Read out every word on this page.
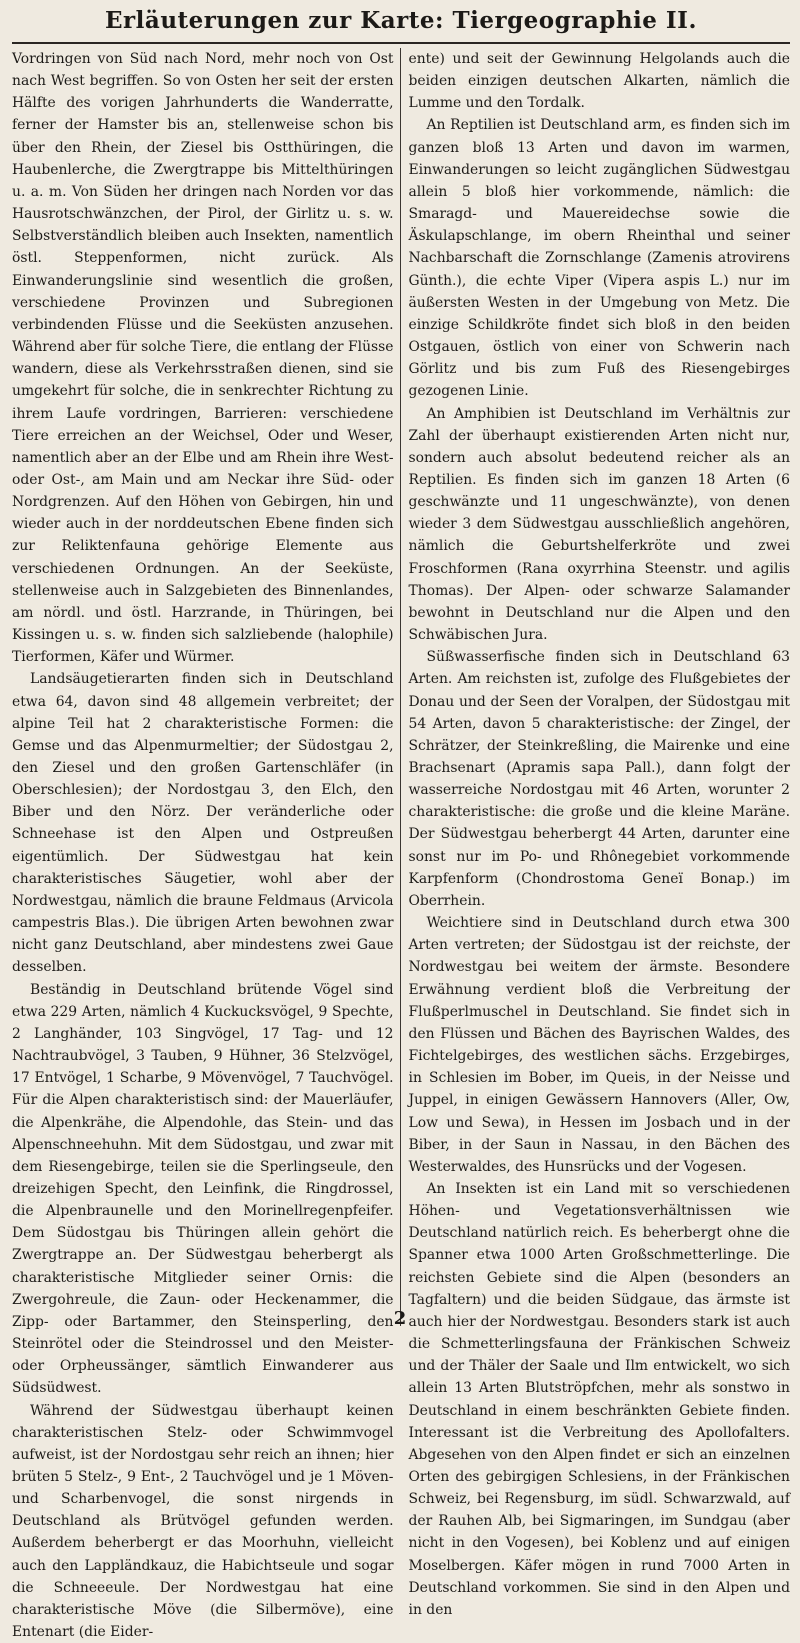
Erläuterungen zur Karte: Tiergeographie II.

Vordringen von Süd nach Nord, mehr noch von Ost nach West begriffen. So von Osten her seit der ersten Hälfte des vorigen Jahrhunderts die Wanderratte, ferner der Hamster bis an, stellenweise schon bis über den Rhein, der Ziesel bis Ostthüringen, die Haubenlerche, die Zwergtrappe bis Mittelthüringen u. a. m. Von Süden her dringen nach Norden vor das Hausrotschwänzchen, der Pirol, der Girlitz u. s. w. Selbstverständlich bleiben auch Insekten, namentlich östl. Steppenformen, nicht zurück. Als Einwanderungslinie sind wesentlich die großen, verschiedene Provinzen und Subregionen verbindenden Flüsse und die Seeküsten anzusehen. Während aber für solche Tiere, die entlang der Flüsse wandern, diese als Verkehrsstraßen dienen, sind sie umgekehrt für solche, die in senkrechter Richtung zu ihrem Laufe vordringen, Barrieren: verschiedene Tiere erreichen an der Weichsel, Oder und Weser, namentlich aber an der Elbe und am Rhein ihre West- oder Ost-, am Main und am Neckar ihre Süd- oder Nordgrenzen. Auf den Höhen von Gebirgen, hin und wieder auch in der norddeutschen Ebene finden sich zur Reliktenfauna gehörige Elemente aus verschiedenen Ordnungen. An der Seeküste, stellenweise auch in Salzgebieten des Binnenlandes, am nördl. und östl. Harzrande, in Thüringen, bei Kissingen u. s. w. finden sich salzliebende (halophile) Tierformen, Käfer und Würmer.

Landsäugetierarten finden sich in Deutschland etwa 64, davon sind 48 allgemein verbreitet; der alpine Teil hat 2 charakteristische Formen: die Gemse und das Alpenmurmeltier; der Südostgau 2, den Ziesel und den großen Gartenschläfer (in Oberschlesien); der Nordostgau 3, den Elch, den Biber und den Nörz. Der veränderliche oder Schneehase ist den Alpen und Ostpreußen eigentümlich. Der Südwestgau hat kein charakteristisches Säugetier, wohl aber der Nordwestgau, nämlich die braune Feldmaus (Arvicola campestris Blas.). Die übrigen Arten bewohnen zwar nicht ganz Deutschland, aber mindestens zwei Gaue desselben.

Beständig in Deutschland brütende Vögel sind etwa 229 Arten, nämlich 4 Kuckucksvögel, 9 Spechte, 2 Langhänder, 103 Singvögel, 17 Tag- und 12 Nachtraubvögel, 3 Tauben, 9 Hühner, 36 Stelzvögel, 17 Entvögel, 1 Scharbe, 9 Mövenvögel, 7 Tauchvögel. Für die Alpen charakteristisch sind: der Mauerläufer, die Alpenkrähe, die Alpendohle, das Stein- und das Alpenschneehuhn. Mit dem Südostgau, und zwar mit dem Riesengebirge, teilen sie die Sperlingseule, den dreizehigen Specht, den Leinfink, die Ringdrossel, die Alpenbraunelle und den Morinellregenpfeifer. Dem Südostgau bis Thüringen allein gehört die Zwergtrappe an. Der Südwestgau beherbergt als charakteristische Mitglieder seiner Ornis: die Zwergohreule, die Zaun- oder Heckenammer, die Zipp- oder Bartammer, den Steinsperling, den Steinrötel oder die Steindrossel und den Meister- oder Orpheussänger, sämtlich Einwanderer aus Südsüdwest.

Während der Südwestgau überhaupt keinen charakteristischen Stelz- oder Schwimmvogel aufweist, ist der Nordostgau sehr reich an ihnen; hier brüten 5 Stelz-, 9 Ent-, 2 Tauchvögel und je 1 Möven- und Scharbenvogel, die sonst nirgends in Deutschland als Brütvögel gefunden werden. Außerdem beherbergt er das Moorhuhn, vielleicht auch den Lappländkauz, die Habichtseule und sogar die Schneeeule. Der Nordwestgau hat eine charakteristische Möve (die Silbermöve), eine Entenart (die Eider-

ente) und seit der Gewinnung Helgolands auch die beiden einzigen deutschen Alkarten, nämlich die Lumme und den Tordalk.

An Reptilien ist Deutschland arm, es finden sich im ganzen bloß 13 Arten und davon im warmen, Einwanderungen so leicht zugänglichen Südwestgau allein 5 bloß hier vorkommende, nämlich: die Smaragd- und Mauereidechse sowie die Äskulapschlange, im obern Rheinthal und seiner Nachbarschaft die Zornschlange (Zamenis atrovirens Günth.), die echte Viper (Vipera aspis L.) nur im äußersten Westen in der Umgebung von Metz. Die einzige Schildkröte findet sich bloß in den beiden Ostgauen, östlich von einer von Schwerin nach Görlitz und bis zum Fuß des Riesengebirges gezogenen Linie.

An Amphibien ist Deutschland im Verhältnis zur Zahl der überhaupt existierenden Arten nicht nur, sondern auch absolut bedeutend reicher als an Reptilien. Es finden sich im ganzen 18 Arten (6 geschwänzte und 11 ungeschwänzte), von denen wieder 3 dem Südwestgau ausschließlich angehören, nämlich die Geburtshelferkröte und zwei Froschformen (Rana oxyrrhina Steenstr. und agilis Thomas). Der Alpen- oder schwarze Salamander bewohnt in Deutschland nur die Alpen und den Schwäbischen Jura.

Süßwasserfische finden sich in Deutschland 63 Arten. Am reichsten ist, zufolge des Flußgebietes der Donau und der Seen der Voralpen, der Südostgau mit 54 Arten, davon 5 charakteristische: der Zingel, der Schrätzer, der Steinkreßling, die Mairenke und eine Brachsenart (Apramis sapa Pall.), dann folgt der wasserreiche Nordostgau mit 46 Arten, worunter 2 charakteristische: die große und die kleine Maräne. Der Südwestgau beherbergt 44 Arten, darunter eine sonst nur im Po- und Rhônegebiet vorkommende Karpfenform (Chondrostoma Geneï Bonap.) im Oberrhein.

Weichtiere sind in Deutschland durch etwa 300 Arten vertreten; der Südostgau ist der reichste, der Nordwestgau bei weitem der ärmste. Besondere Erwähnung verdient bloß die Verbreitung der Flußperlmuschel in Deutschland. Sie findet sich in den Flüssen und Bächen des Bayrischen Waldes, des Fichtelgebirges, des westlichen sächs. Erzgebirges, in Schlesien im Bober, im Queis, in der Neisse und Juppel, in einigen Gewässern Hannovers (Aller, Ow, Low und Sewa), in Hessen im Josbach und in der Biber, in der Saun in Nassau, in den Bächen des Westerwaldes, des Hunsrücks und der Vogesen.

An Insekten ist ein Land mit so verschiedenen Höhen- und Vegetationsverhältnissen wie Deutschland natürlich reich. Es beherbergt ohne die Spanner etwa 1000 Arten Großschmetterlinge. Die reichsten Gebiete sind die Alpen (besonders an Tagfaltern) und die beiden Südgaue, das ärmste ist auch hier der Nordwestgau. Besonders stark ist auch die Schmetterlingsfauna der Fränkischen Schweiz und der Thäler der Saale und Ilm entwickelt, wo sich allein 13 Arten Blutströpfchen, mehr als sonstwo in Deutschland in einem beschränkten Gebiete finden. Interessant ist die Verbreitung des Apollofalters. Abgesehen von den Alpen findet er sich an einzelnen Orten des gebirgigen Schlesiens, in der Fränkischen Schweiz, bei Regensburg, im südl. Schwarzwald, auf der Rauhen Alb, bei Sigmaringen, im Sundgau (aber nicht in den Vogesen), bei Koblenz und auf einigen Moselbergen. Käfer mögen in rund 7000 Arten in Deutschland vorkommen. Sie sind in den Alpen und in den

2
